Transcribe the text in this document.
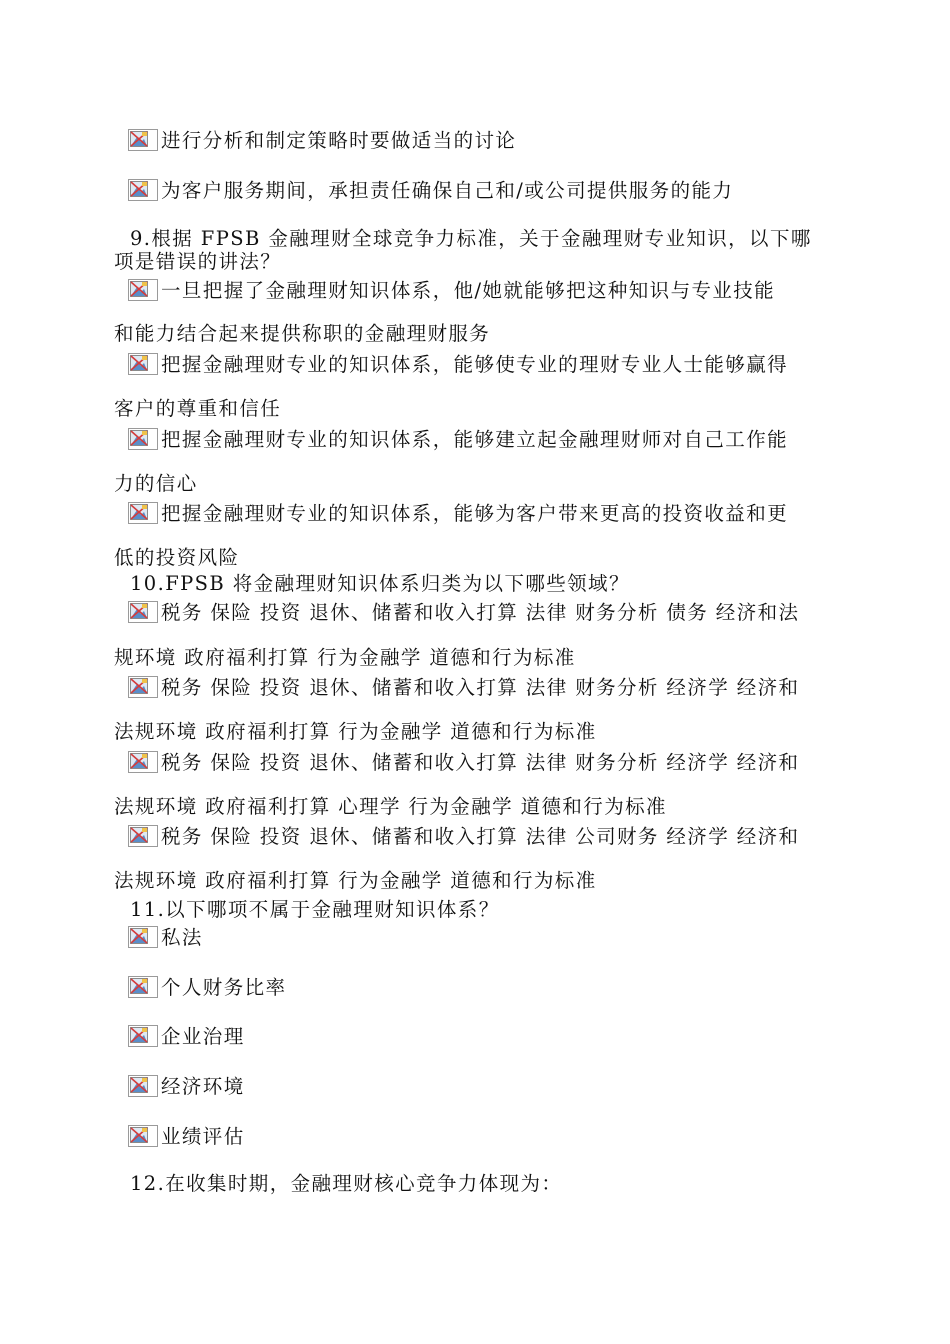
进行分析和制定策略时要做适当的讨论
为客户服务期间，承担责任确保自己和/或公司提供服务的能力
9.根据 FPSB 金融理财全球竞争力标准，关于金融理财专业知识，以下哪
项是错误的讲法？
一旦把握了金融理财知识体系，他/她就能够把这种知识与专业技能
和能力结合起来提供称职的金融理财服务
把握金融理财专业的知识体系，能够使专业的理财专业人士能够赢得
客户的尊重和信任
把握金融理财专业的知识体系，能够建立起金融理财师对自己工作能
力的信心
把握金融理财专业的知识体系，能够为客户带来更高的投资收益和更
低的投资风险
10.FPSB 将金融理财知识体系归类为以下哪些领域？
税务 保险 投资 退休、储蓄和收入打算 法律 财务分析 债务 经济和法
规环境 政府福利打算 行为金融学 道德和行为标准
税务 保险 投资 退休、储蓄和收入打算 法律 财务分析 经济学 经济和
法规环境 政府福利打算 行为金融学 道德和行为标准
税务 保险 投资 退休、储蓄和收入打算 法律 财务分析 经济学 经济和
法规环境 政府福利打算 心理学 行为金融学 道德和行为标准
税务 保险 投资 退休、储蓄和收入打算 法律 公司财务 经济学 经济和
法规环境 政府福利打算 行为金融学 道德和行为标准
11.以下哪项不属于金融理财知识体系？
私法
个人财务比率
企业治理
经济环境
业绩评估
12.在收集时期，金融理财核心竞争力体现为：
